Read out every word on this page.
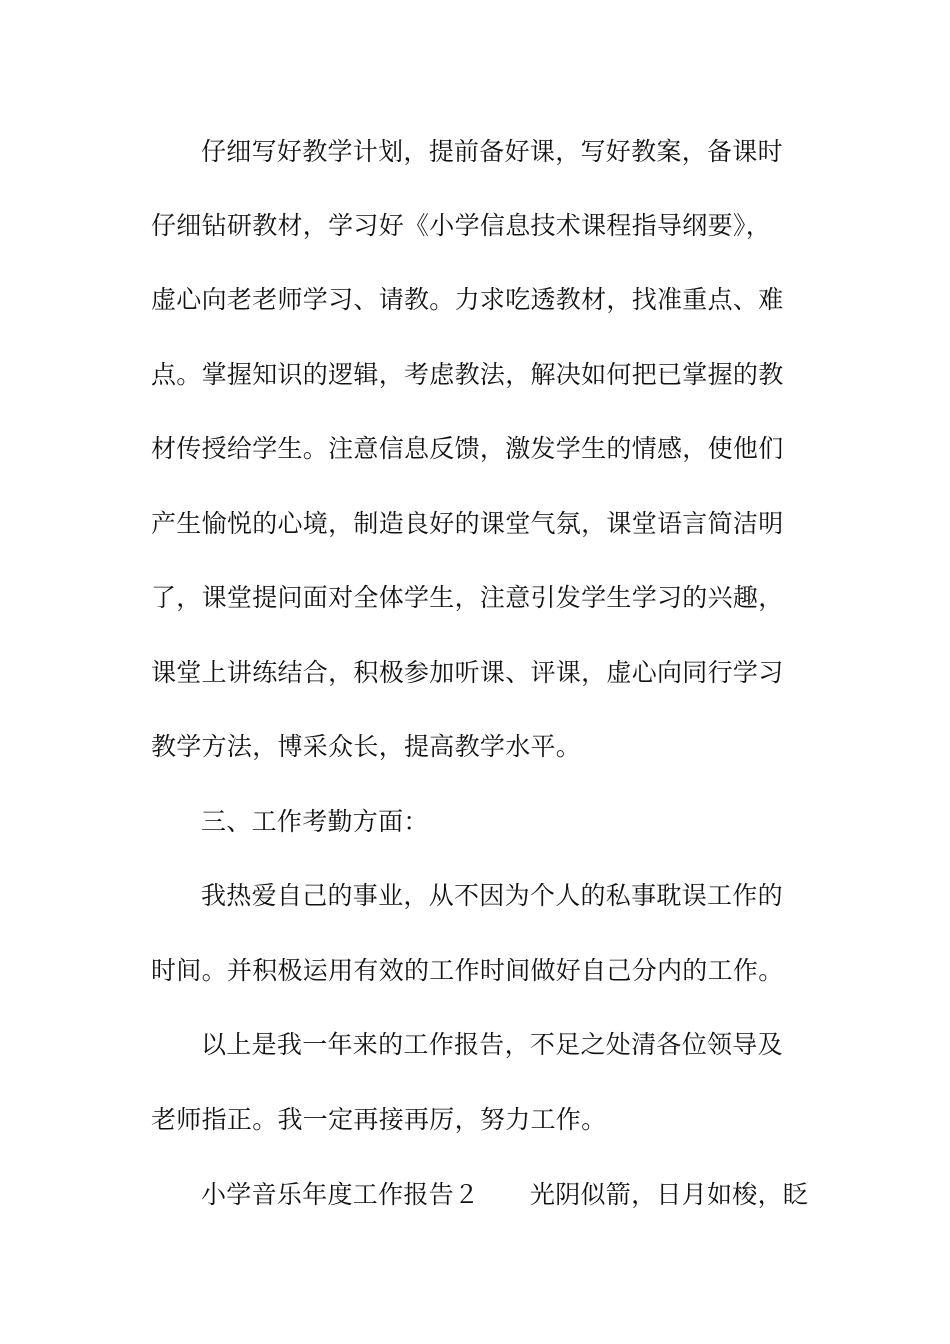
仔细写好教学计划，提前备好课，写好教案，备课时
仔细钻研教材，学习好《小学信息技术课程指导纲要》，
虚心向老老师学习、请教。力求吃透教材，找准重点、难
点。掌握知识的逻辑，考虑教法，解决如何把已掌握的教
材传授给学生。注意信息反馈，激发学生的情感，使他们
产生愉悦的心境，制造良好的课堂气氛，课堂语言简洁明
了，课堂提问面对全体学生，注意引发学生学习的兴趣，
课堂上讲练结合，积极参加听课、评课，虚心向同行学习
教学方法，博采众长，提高教学水平。
三、工作考勤方面：
我热爱自己的事业，从不因为个人的私事耽误工作的
时间。并积极运用有效的工作时间做好自己分内的工作。
以上是我一年来的工作报告，不足之处清各位领导及
老师指正。我一定再接再厉，努力工作。
小学音乐年度工作报告２　　光阴似箭，日月如梭，眨
